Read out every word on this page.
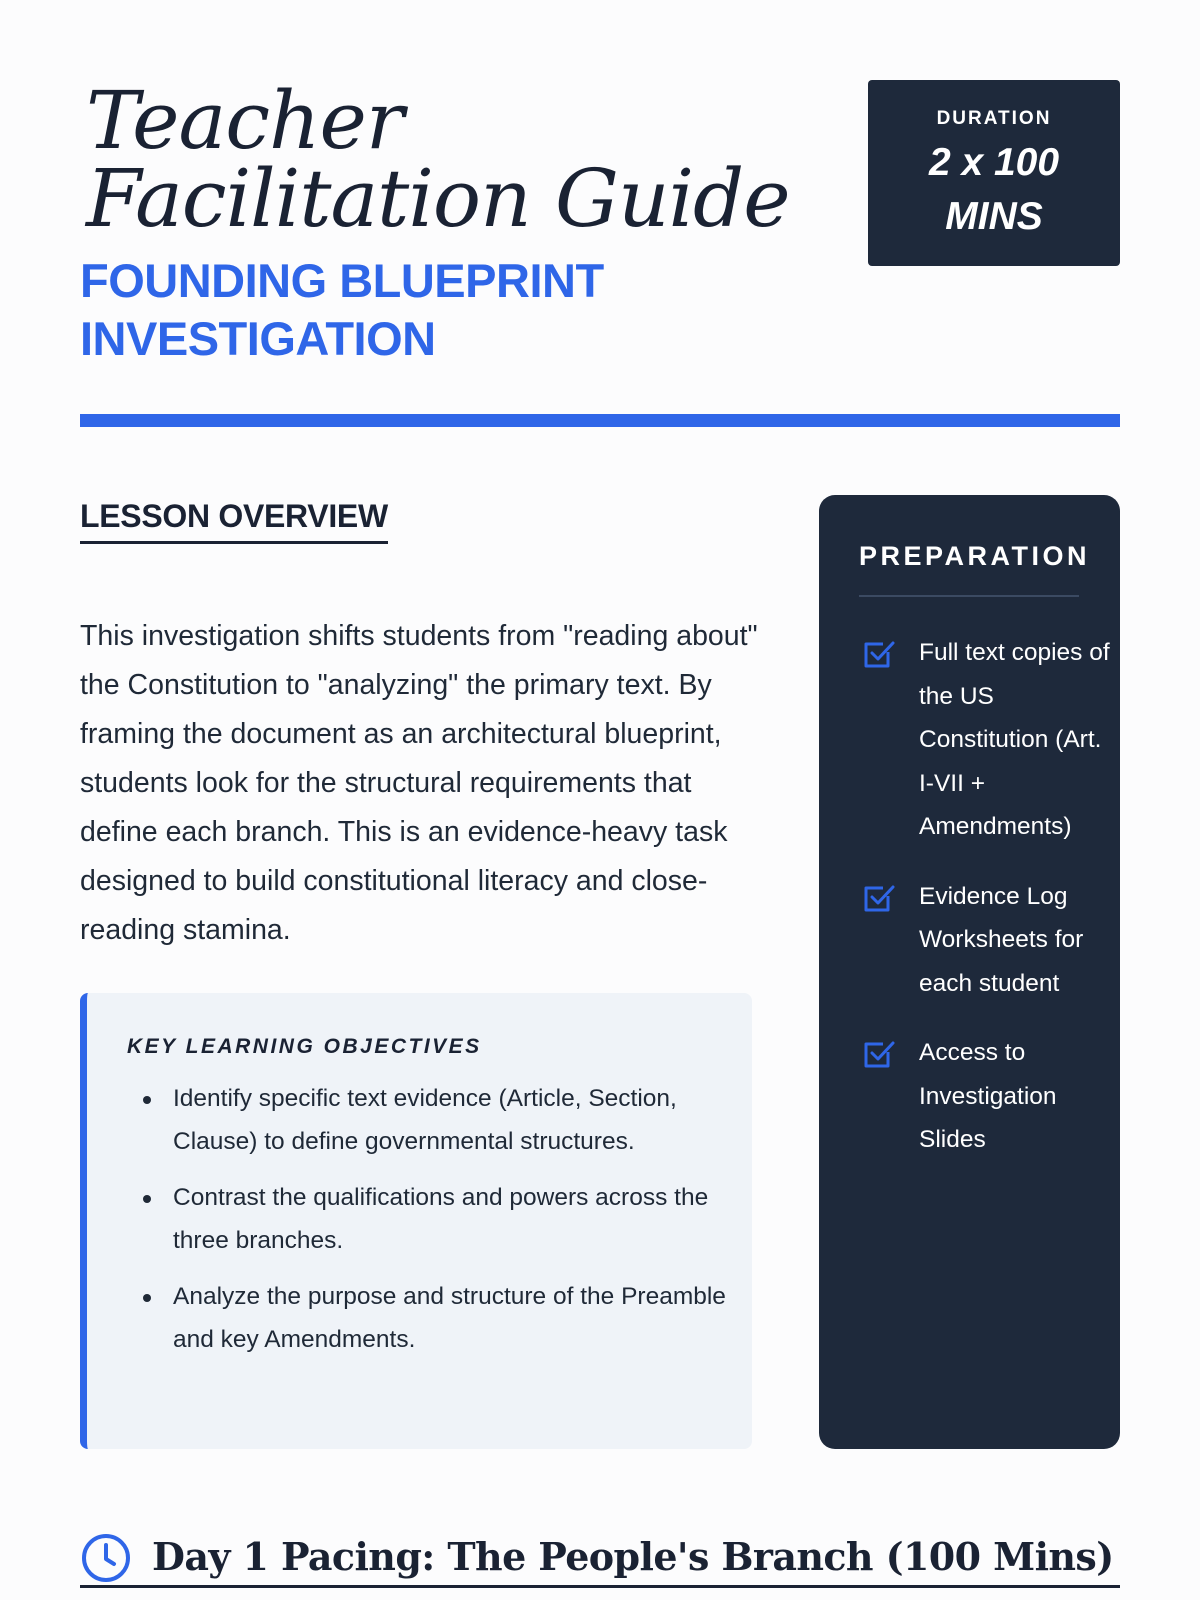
Teacher Facilitation Guide
FOUNDING BLUEPRINT INVESTIGATION
DURATION
2 x 100 MINS
LESSON OVERVIEW

This investigation shifts students from "reading about" the Constitution to "analyzing" the primary text. By framing the document as an architectural blueprint, students look for the structural requirements that define each branch. This is an evidence-heavy task designed to build constitutional literacy and close-reading stamina.

KEY LEARNING OBJECTIVES
Identify specific text evidence (Article, Section, Clause) to define governmental structures.
Contrast the qualifications and powers across the three branches.
Analyze the purpose and structure of the Preamble and key Amendments.
PREPARATION
Full text copies of the US Constitution (Art. I-VII + Amendments)
Evidence Log Worksheets for each student
Access to Investigation Slides
Day 1 Pacing: The People's Branch (100 Mins)
